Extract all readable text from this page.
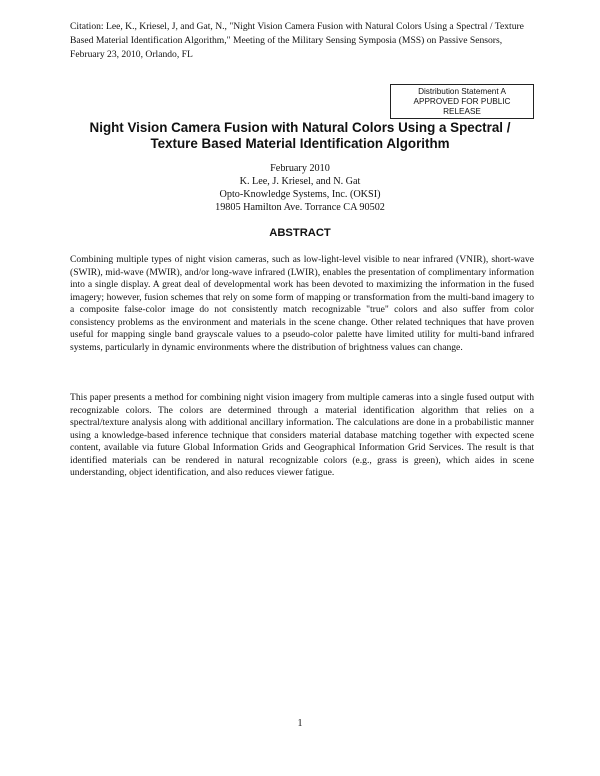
Citation: Lee, K., Kriesel, J, and Gat, N., "Night Vision Camera Fusion with Natural Colors Using a Spectral / Texture Based Material Identification Algorithm," Meeting of the Military Sensing Symposia (MSS) on Passive Sensors, February 23, 2010, Orlando, FL
Distribution Statement A
APPROVED FOR PUBLIC
RELEASE
Night Vision Camera Fusion with Natural Colors Using a Spectral /
Texture Based Material Identification Algorithm
February 2010
K. Lee, J. Kriesel, and N. Gat
Opto-Knowledge Systems, Inc. (OKSI)
19805 Hamilton Ave. Torrance CA 90502
ABSTRACT

Combining multiple types of night vision cameras, such as low-light-level visible to near infrared (VNIR), short-wave (SWIR), mid-wave (MWIR), and/or long-wave infrared (LWIR), enables the presentation of complimentary information into a single display. A great deal of developmental work has been devoted to maximizing the information in the fused imagery; however, fusion schemes that rely on some form of mapping or transformation from the multi-band imagery to a composite false-color image do not consistently match recognizable "true" colors and also suffer from color consistency problems as the environment and materials in the scene change. Other related techniques that have proven useful for mapping single band grayscale values to a pseudo-color palette have limited utility for multi-band infrared systems, particularly in dynamic environments where the distribution of brightness values can change.

This paper presents a method for combining night vision imagery from multiple cameras into a single fused output with recognizable colors. The colors are determined through a material identification algorithm that relies on a spectral/texture analysis along with additional ancillary information. The calculations are done in a probabilistic manner using a knowledge-based inference technique that considers material database matching together with expected scene content, available via future Global Information Grids and Geographical Information Grid Services. The result is that identified materials can be rendered in natural recognizable colors (e.g., grass is green), which aides in scene understanding, object identification, and also reduces viewer fatigue.

1
